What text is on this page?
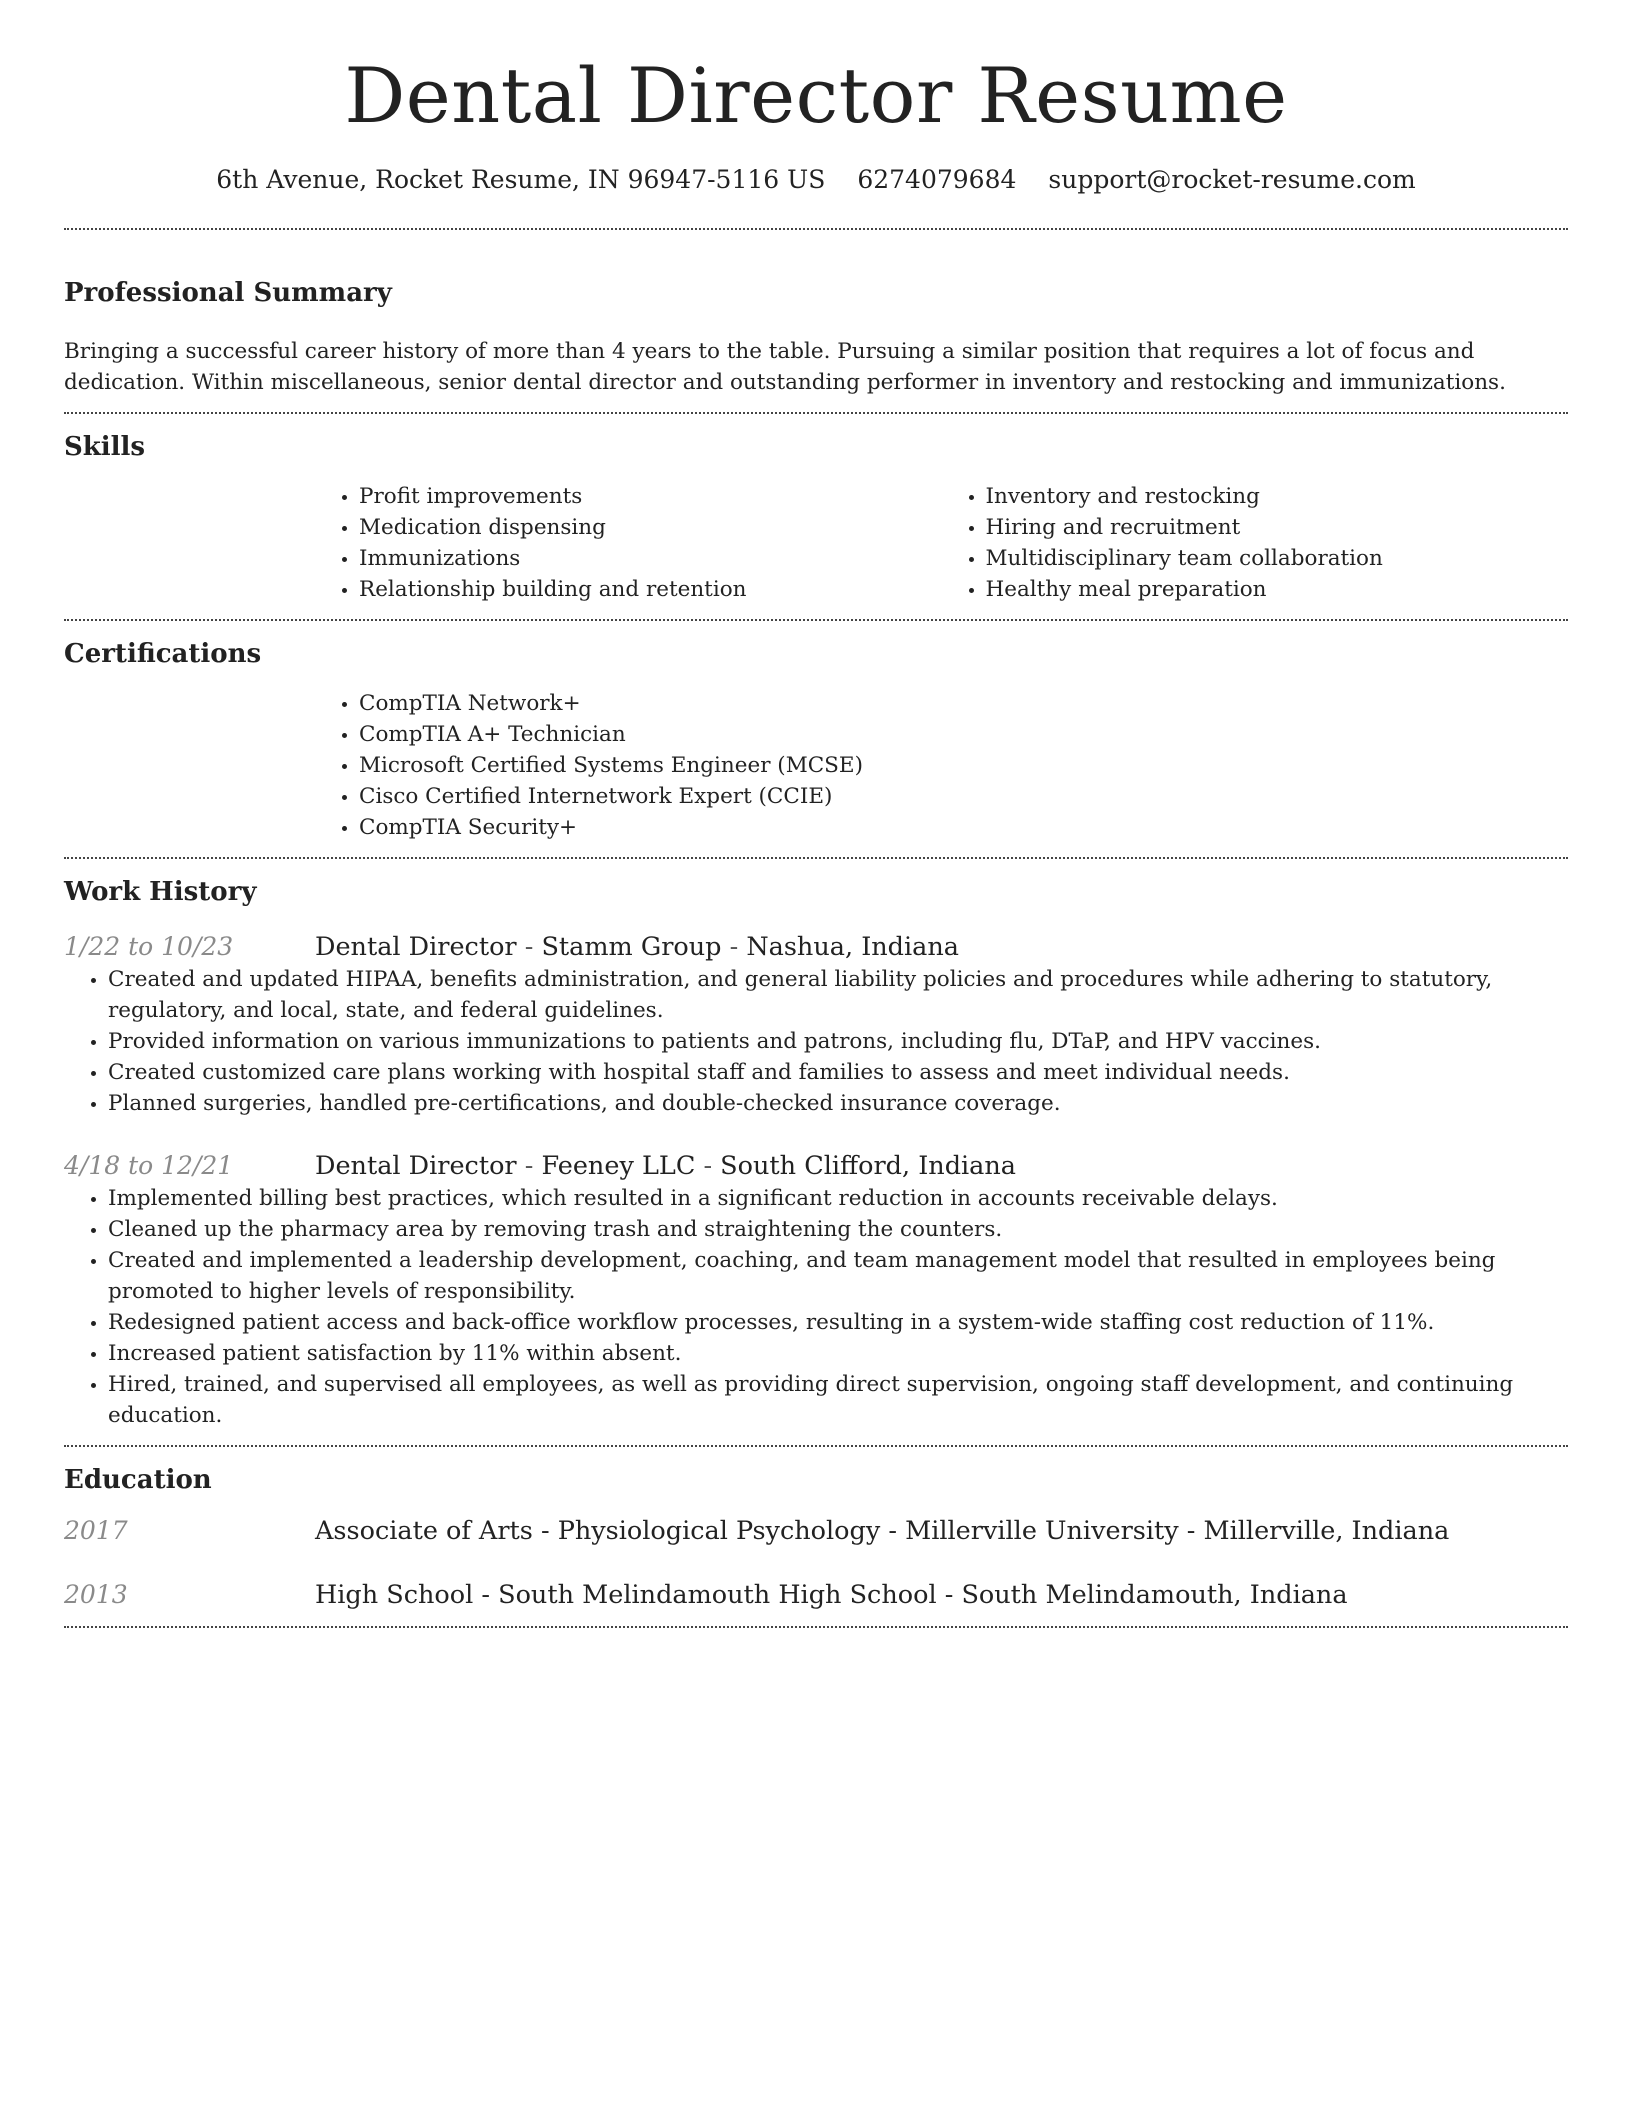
Dental Director Resume
6th Avenue, Rocket Resume, IN 96947-5116 US 6274079684 support@rocket-resume.com
Professional Summary

Bringing a successful career history of more than 4 years to the table. Pursuing a similar position that requires a lot of focus and dedication. Within miscellaneous, senior dental director and outstanding performer in inventory and restocking and immunizations.

Skills
• Profit improvements
• Medication dispensing
• Immunizations
• Relationship building and retention
• Inventory and restocking
• Hiring and recruitment
• Multidisciplinary team collaboration
• Healthy meal preparation
Certifications
• CompTIA Network+
• CompTIA A+ Technician
• Microsoft Certified Systems Engineer (MCSE)
• Cisco Certified Internetwork Expert (CCIE)
• CompTIA Security+
Work History
1/22 to 10/23	Dental Director - Stamm Group - Nashua, Indiana
• Created and updated HIPAA, benefits administration, and general liability policies and procedures while adhering to statutory, regulatory, and local, state, and federal guidelines.
• Provided information on various immunizations to patients and patrons, including flu, DTaP, and HPV vaccines.
• Created customized care plans working with hospital staff and families to assess and meet individual needs.
• Planned surgeries, handled pre-certifications, and double-checked insurance coverage.
4/18 to 12/21	Dental Director - Feeney LLC - South Clifford, Indiana
• Implemented billing best practices, which resulted in a significant reduction in accounts receivable delays.
• Cleaned up the pharmacy area by removing trash and straightening the counters.
• Created and implemented a leadership development, coaching, and team management model that resulted in employees being promoted to higher levels of responsibility.
• Redesigned patient access and back-office workflow processes, resulting in a system-wide staffing cost reduction of 11%.
• Increased patient satisfaction by 11% within absent.
• Hired, trained, and supervised all employees, as well as providing direct supervision, ongoing staff development, and continuing education.
Education
2017	Associate of Arts - Physiological Psychology - Millerville University - Millerville, Indiana
2013	High School - South Melindamouth High School - South Melindamouth, Indiana
